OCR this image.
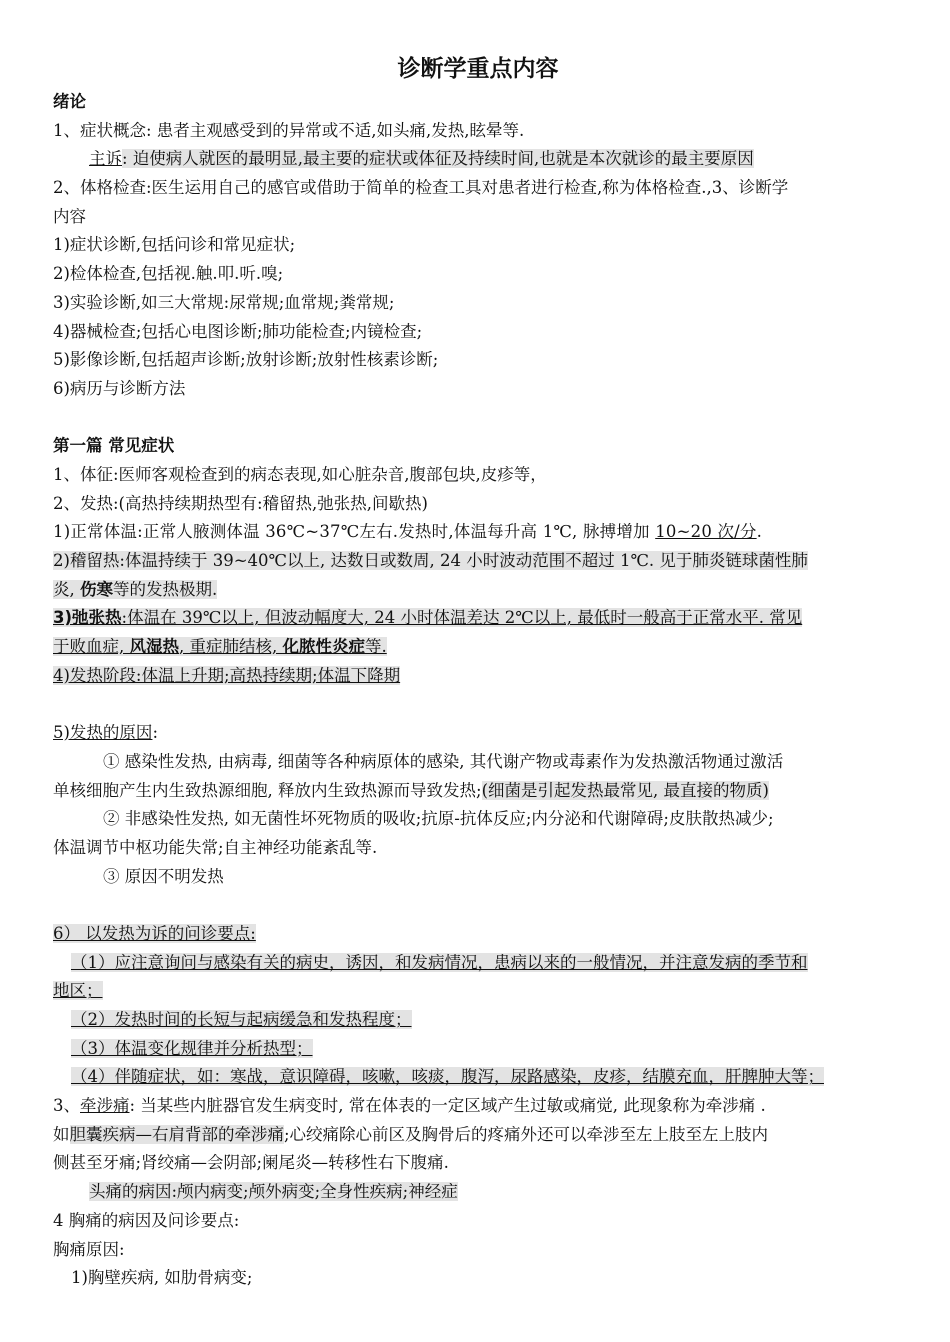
诊断学重点内容
绪论
1、症状概念: 患者主观感受到的异常或不适,如头痛,发热,眩晕等.
主诉: 迫使病人就医的最明显,最主要的症状或体征及持续时间,也就是本次就诊的最主要原因
2、体格检查:医生运用自己的感官或借助于简单的检查工具对患者进行检查,称为体格检查.,3、诊断学
内容
1)症状诊断,包括问诊和常见症状;
2)检体检查,包括视.触.叩.听.嗅;
3)实验诊断,如三大常规:尿常规;血常规;粪常规;
4)器械检查;包括心电图诊断;肺功能检查;内镜检查;
5)影像诊断,包括超声诊断;放射诊断;放射性核素诊断;
6)病历与诊断方法
第一篇 常见症状
1、体征:医师客观检查到的病态表现,如心脏杂音,腹部包块,皮疹等，
2、发热:(高热持续期热型有:稽留热,弛张热,间歇热)
1)正常体温:正常人腋测体温 36℃~37℃左右.发热时,体温每升高 1℃, 脉搏增加 10~20 次/分.
2)稽留热:体温持续于 39~40℃以上, 达数日或数周, 24 小时波动范围不超过 1℃. 见于肺炎链球菌性肺
炎, 伤寒等的发热极期.
3)弛张热:体温在 39℃以上, 但波动幅度大, 24 小时体温差达 2℃以上, 最低时一般高于正常水平. 常见
于败血症, 风湿热, 重症肺结核, 化脓性炎症等.
4)发热阶段:体温上升期;高热持续期;体温下降期
5)发热的原因:
① 感染性发热, 由病毒, 细菌等各种病原体的感染, 其代谢产物或毒素作为发热激活物通过激活
单核细胞产生内生致热源细胞, 释放内生致热源而导致发热;(细菌是引起发热最常见, 最直接的物质)
② 非感染性发热, 如无菌性坏死物质的吸收;抗原-抗体反应;内分泌和代谢障碍;皮肤散热减少;
体温调节中枢功能失常;自主神经功能紊乱等.
③ 原因不明发热
6） 以发热为诉的问诊要点:
（1）应注意询问与感染有关的病史，诱因，和发病情况，患病以来的一般情况，并注意发病的季节和
地区；
（2）发热时间的长短与起病缓急和发热程度；
（3）体温变化规律并分析热型；
（4）伴随症状，如：寒战，意识障碍，咳嗽，咳痰，腹泻，尿路感染，皮疹，结膜充血，肝脾肿大等；
3、牵涉痛: 当某些内脏器官发生病变时, 常在体表的一定区域产生过敏或痛觉, 此现象称为牵涉痛 .
如胆囊疾病—右肩背部的牵涉痛;心绞痛除心前区及胸骨后的疼痛外还可以牵涉至左上肢至左上肢内
侧甚至牙痛;肾绞痛—会阴部;阑尾炎—转移性右下腹痛.
头痛的病因:颅内病变;颅外病变;全身性疾病;神经症
4 胸痛的病因及问诊要点:
胸痛原因:
1)胸壁疾病, 如肋骨病变;
